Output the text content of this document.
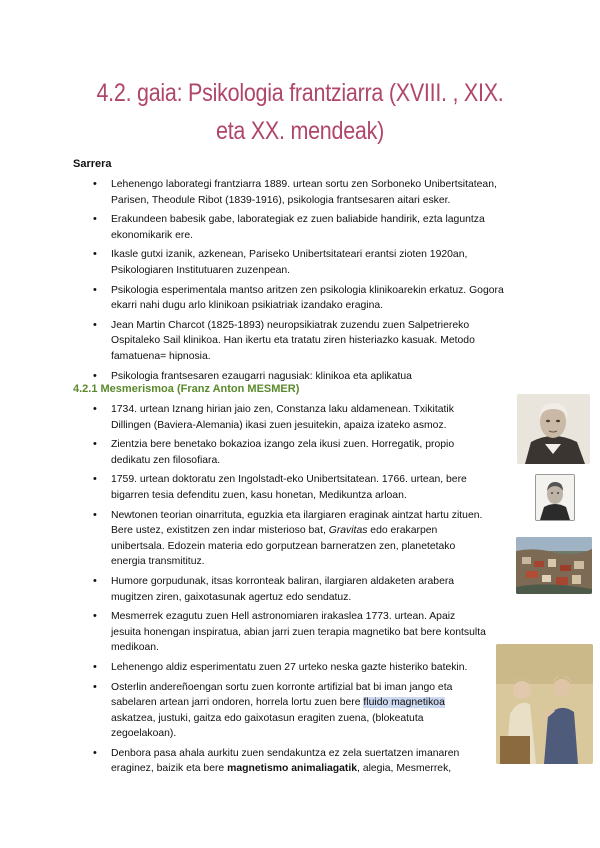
4.2. gaia: Psikologia frantziarra (XVIII. , XIX. eta XX. mendeak)
Sarrera
• Lehenengo laborategi frantziarra 1889. urtean sortu zen Sorboneko Unibertsitatean, Parisen, Theodule Ribot (1839-1916), psikologia frantsesaren aitari esker.
• Erakundeen babesik gabe, laborategiak ez zuen baliabide handirik, ezta laguntza ekonomikarik ere.
• Ikasle gutxi izanik, azkenean, Pariseko Unibertsitateari erantsi zioten 1920an, Psikologiaren Institutuaren zuzenpean.
• Psikologia esperimentala mantso aritzen zen psikologia klinikoarekin erkatuz. Gogora ekarri nahi dugu arlo klinikoan psikiatriak izandako eragina.
• Jean Martin Charcot (1825-1893) neuropsikiatrak zuzendu zuen Salpetriereko Ospitaleko Sail klinikoa. Han ikertu eta tratatu ziren histeriazko kasuak. Metodo famatuena= hipnosia.
• Psikologia frantsesaren ezaugarri nagusiak: klinikoa eta aplikatua
4.2.1 Mesmerismoa (Franz Anton MESMER)
• 1734. urtean Iznang hirian jaio zen, Constanza laku aldamenean. Txikitatik Dillingen (Baviera-Alemania) ikasi zuen jesuitekin, apaiza izateko asmoz.
• Zientzia bere benetako bokazioa izango zela ikusi zuen. Horregatik, propio dedikatu zen filosofiara.
• 1759. urtean doktoratu zen Ingolstadt-eko Unibertsitatean. 1766. urtean, bere bigarren tesia defenditu zuen, kasu honetan, Medikuntza arloan.
• Newtonen teorian oinarrituta, eguzkia eta ilargiaren eraginak aintzat hartu zituen. Bere ustez, existitzen zen indar misterioso bat, Gravitas edo erakarpen unibertsala. Edozein materia edo gorputzean barneratzen zen, planetetako energia transmitituz.
• Humore gorpudunak, itsas korronteak baliran, ilargiaren aldaketen arabera mugitzen ziren, gaixotasunak agertuz edo sendatuz.
• Mesmerrek ezagutu zuen Hell astronomiaren irakaslea 1773. urtean. Apaiz jesuita honengan inspiratua, abian jarri zuen terapia magnetiko bat bere kontsulta medikoan.
• Lehenengo aldiz esperimentatu zuen 27 urteko neska gazte histeriko batekin.
• Osterlin andereñoengan sortu zuen korronte artifizial bat bi iman jango eta sabelaren artean jarri ondoren, horrela lortu zuen bere fluido magnetikoa askatzea, justuki, gaitza edo gaixotasun eragiten zuena, (blokeatuta zegoelakoan).
• Denbora pasa ahala aurkitu zuen sendakuntza ez zela suertatzen imanaren eraginez, baizik eta bere magnetismo animaliagatik, alegia, Mesmerrek,
